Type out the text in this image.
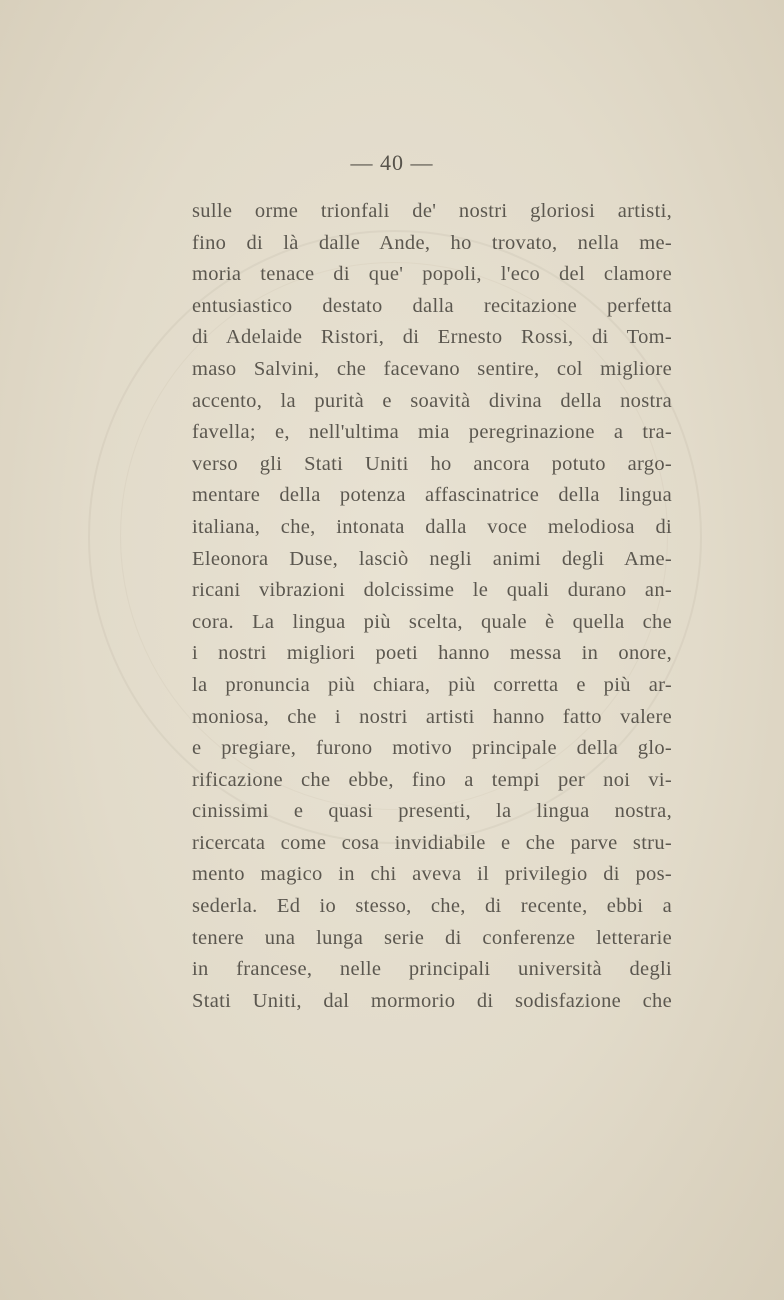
— 40 —
sulle orme trionfali de' nostri gloriosi artisti,
fino di là dalle Ande, ho trovato, nella me-
moria tenace di que' popoli, l'eco del clamore
entusiastico destato dalla recitazione perfetta
di Adelaide Ristori, di Ernesto Rossi, di Tom-
maso Salvini, che facevano sentire, col migliore
accento, la purità e soavità divina della nostra
favella; e, nell'ultima mia peregrinazione a tra-
verso gli Stati Uniti ho ancora potuto argo-
mentare della potenza affascinatrice della lingua
italiana, che, intonata dalla voce melodiosa di
Eleonora Duse, lasciò negli animi degli Ame-
ricani vibrazioni dolcissime le quali durano an-
cora. La lingua più scelta, quale è quella che
i nostri migliori poeti hanno messa in onore,
la pronuncia più chiara, più corretta e più ar-
moniosa, che i nostri artisti hanno fatto valere
e pregiare, furono motivo principale della glo-
rificazione che ebbe, fino a tempi per noi vi-
cinissimi e quasi presenti, la lingua nostra,
ricercata come cosa invidiabile e che parve stru-
mento magico in chi aveva il privilegio di pos-
sederla. Ed io stesso, che, di recente, ebbi a
tenere una lunga serie di conferenze letterarie
in francese, nelle principali università degli
Stati Uniti, dal mormorio di sodisfazione che
